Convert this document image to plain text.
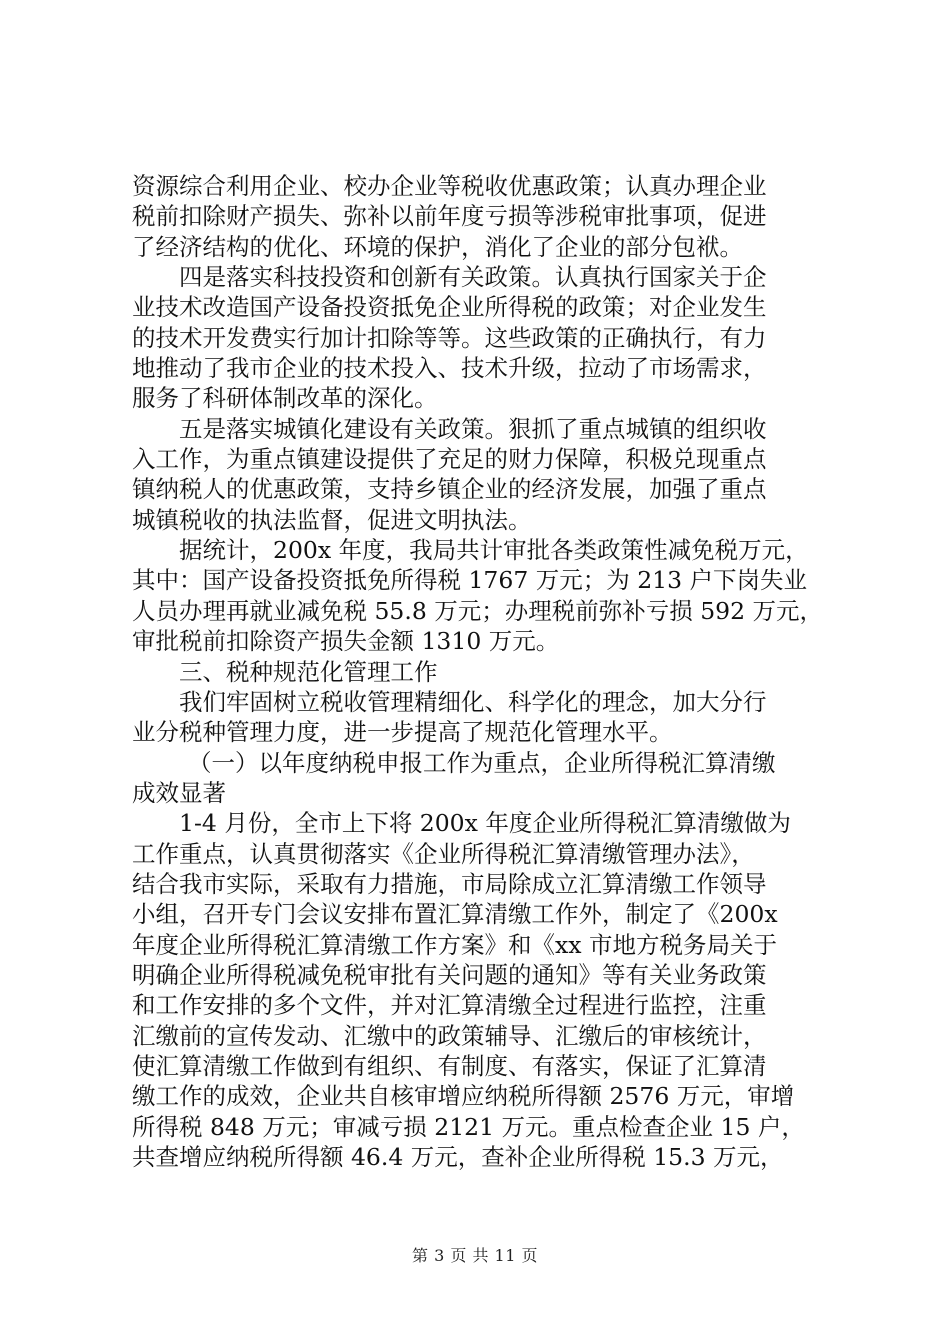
资源综合利用企业、校办企业等税收优惠政策；认真办理企业
税前扣除财产损失、弥补以前年度亏损等涉税审批事项，促进
了经济结构的优化、环境的保护，消化了企业的部分包袱。
四是落实科技投资和创新有关政策。认真执行国家关于企
业技术改造国产设备投资抵免企业所得税的政策；对企业发生
的技术开发费实行加计扣除等等。这些政策的正确执行，有力
地推动了我市企业的技术投入、技术升级，拉动了市场需求，
服务了科研体制改革的深化。
五是落实城镇化建设有关政策。狠抓了重点城镇的组织收
入工作，为重点镇建设提供了充足的财力保障，积极兑现重点
镇纳税人的优惠政策，支持乡镇企业的经济发展，加强了重点
城镇税收的执法监督，促进文明执法。
据统计，200x 年度，我局共计审批各类政策性减免税万元，
其中：国产设备投资抵免所得税 1767 万元；为 213 户下岗失业
人员办理再就业减免税 55.8 万元；办理税前弥补亏损 592 万元，
审批税前扣除资产损失金额 1310 万元。
三、税种规范化管理工作
我们牢固树立税收管理精细化、科学化的理念，加大分行
业分税种管理力度，进一步提高了规范化管理水平。
（一）以年度纳税申报工作为重点，企业所得税汇算清缴
成效显著
1-4 月份，全市上下将 200x 年度企业所得税汇算清缴做为
工作重点，认真贯彻落实《企业所得税汇算清缴管理办法》，
结合我市实际，采取有力措施，市局除成立汇算清缴工作领导
小组，召开专门会议安排布置汇算清缴工作外，制定了《200x
年度企业所得税汇算清缴工作方案》和《xx 市地方税务局关于
明确企业所得税减免税审批有关问题的通知》等有关业务政策
和工作安排的多个文件，并对汇算清缴全过程进行监控，注重
汇缴前的宣传发动、汇缴中的政策辅导、汇缴后的审核统计，
使汇算清缴工作做到有组织、有制度、有落实，保证了汇算清
缴工作的成效，企业共自核审增应纳税所得额 2576 万元，审增
所得税 848 万元；审减亏损 2121 万元。重点检查企业 15 户，
共查增应纳税所得额 46.4 万元，查补企业所得税 15.3 万元，
第 3 页 共 11 页
